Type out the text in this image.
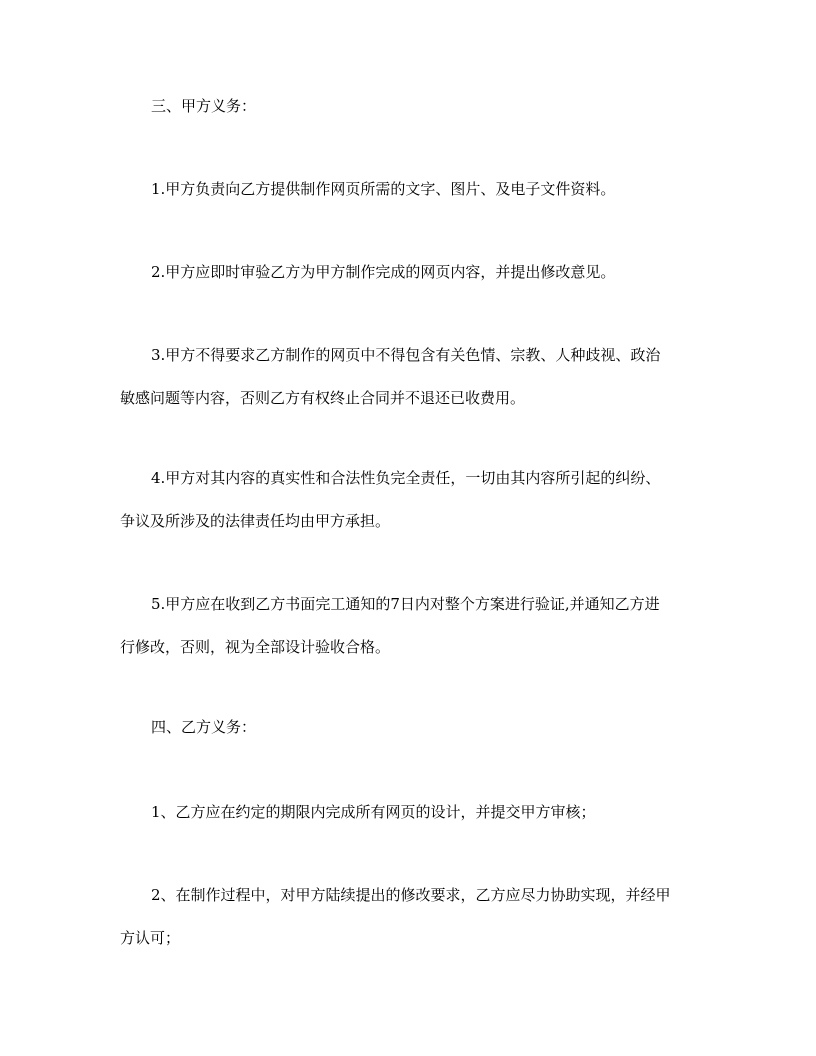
三、甲方义务：

1.甲方负责向乙方提供制作网页所需的文字、图片、及电子文件资料。

2.甲方应即时审验乙方为甲方制作完成的网页内容，并提出修改意见。

3.甲方不得要求乙方制作的网页中不得包含有关色情、宗教、人种歧视、政治
敏感问题等内容，否则乙方有权终止合同并不退还已收费用。

4.甲方对其内容的真实性和合法性负完全责任，一切由其内容所引起的纠纷、
争议及所涉及的法律责任均由甲方承担。

5.甲方应在收到乙方书面完工通知的7日内对整个方案进行验证,并通知乙方进
行修改，否则，视为全部设计验收合格。

四、乙方义务：

1、乙方应在约定的期限内完成所有网页的设计，并提交甲方审核；

2、在制作过程中，对甲方陆续提出的修改要求，乙方应尽力协助实现，并经甲
方认可；
